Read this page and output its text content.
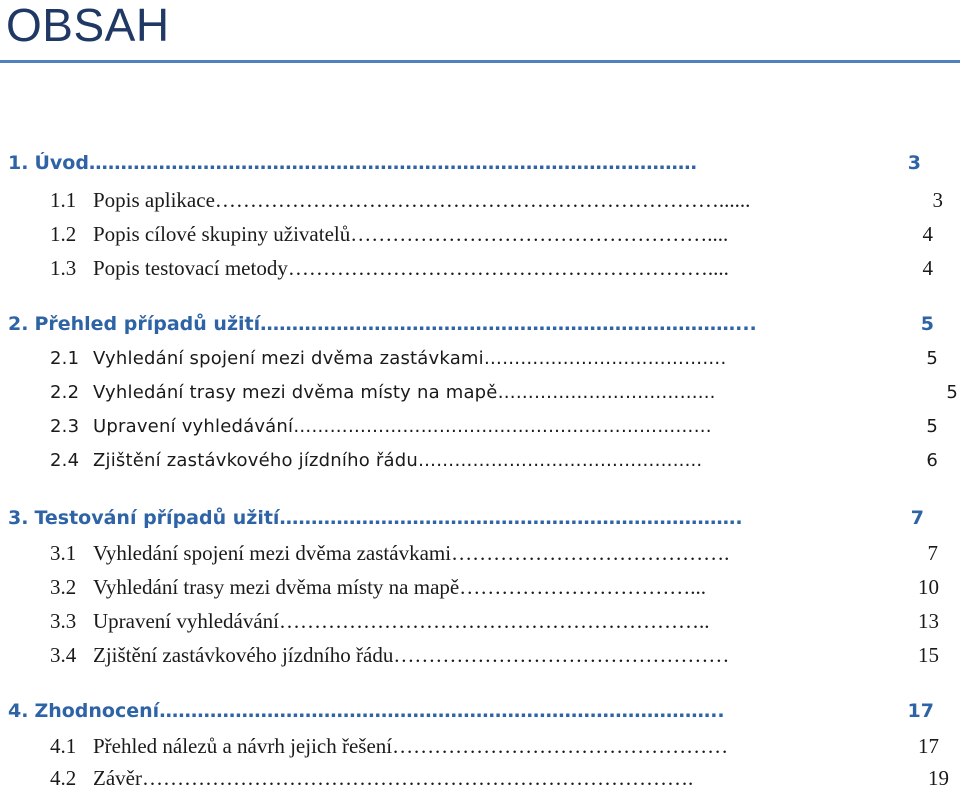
OBSAH
1. Úvod ……………………………………………………………………………………	3
1.1 Popis aplikace ………………………………………………………………......	3
1.2 Popis cílové skupiny uživatelů ……………………………………………....	4
1.3 Popis testovací metody ……………………………………………………....	4
2. Přehled případů užití …………………………………………………………………...	5
2.1 Vyhledání spojení mezi dvěma zastávkami ………………………………….	5
2.2 Vyhledání trasy mezi dvěma místy na mapě ……………………………...	5
2.3 Upravení vyhledávání ……………………………………………………………	5
2.4 Zjištění zastávkového jízdního řádu …………………………………….....	6
3. Testování případů užití ……………………………………………………………….	7
3.1 Vyhledání spojení mezi dvěma zastávkami ………………………………….	7
3.2 Vyhledání trasy mezi dvěma místy na mapě ……………………………...	10
3.3 Upravení vyhledávání ……………………………………………………..	13
3.4 Zjištění zastávkového jízdního řádu …………………………………………	15
4. Zhodnocení ……………………………………………………………………………..	17
4.1 Přehled nálezů a návrh jejich řešení …………………………………………	17
4.2 Závěr …………………………………………………………………….	19
